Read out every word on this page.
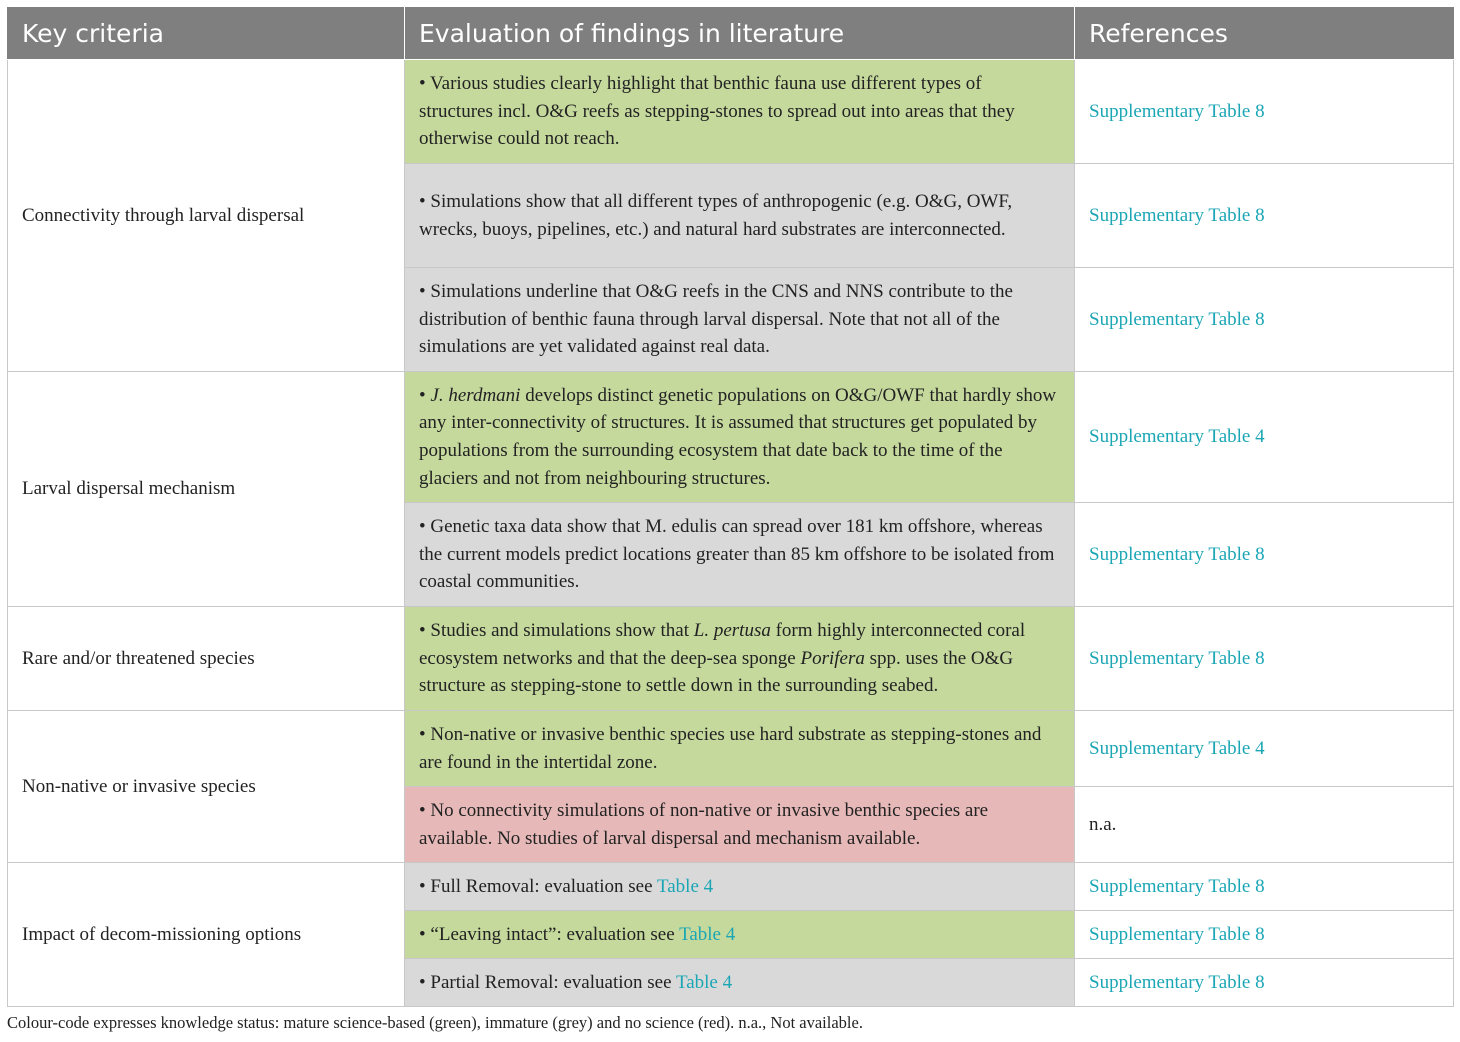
Key criteria	Evaluation of findings in literature	References
Connectivity through larval dispersal	• Various studies clearly highlight that benthic fauna use different types of structures incl. O&G reefs as stepping-stones to spread out into areas that they otherwise could not reach.	Supplementary Table 8
	• Simulations show that all different types of anthropogenic (e.g. O&G, OWF, wrecks, buoys, pipelines, etc.) and natural hard substrates are interconnected.	Supplementary Table 8
	• Simulations underline that O&G reefs in the CNS and NNS contribute to the distribution of benthic fauna through larval dispersal. Note that not all of the simulations are yet validated against real data.	Supplementary Table 8
Larval dispersal mechanism	• J. herdmani develops distinct genetic populations on O&G/OWF that hardly show any inter-connectivity of structures. It is assumed that structures get populated by populations from the surrounding ecosystem that date back to the time of the glaciers and not from neighbouring structures.	Supplementary Table 4
	• Genetic taxa data show that M. edulis can spread over 181 km offshore, whereas the current models predict locations greater than 85 km offshore to be isolated from coastal communities.	Supplementary Table 8
Rare and/or threatened species	• Studies and simulations show that L. pertusa form highly interconnected coral ecosystem networks and that the deep-sea sponge Porifera spp. uses the O&G structure as stepping-stone to settle down in the surrounding seabed.	Supplementary Table 8
Non-native or invasive species	• Non-native or invasive benthic species use hard substrate as stepping-stones and are found in the intertidal zone.	Supplementary Table 4
	• No connectivity simulations of non-native or invasive benthic species are available. No studies of larval dispersal and mechanism available.	n.a.
Impact of decom-missioning options	• Full Removal: evaluation see Table 4	Supplementary Table 8
	• “Leaving intact”: evaluation see Table 4	Supplementary Table 8
	• Partial Removal: evaluation see Table 4	Supplementary Table 8
Colour-code expresses knowledge status: mature science-based (green), immature (grey) and no science (red). n.a., Not available.
